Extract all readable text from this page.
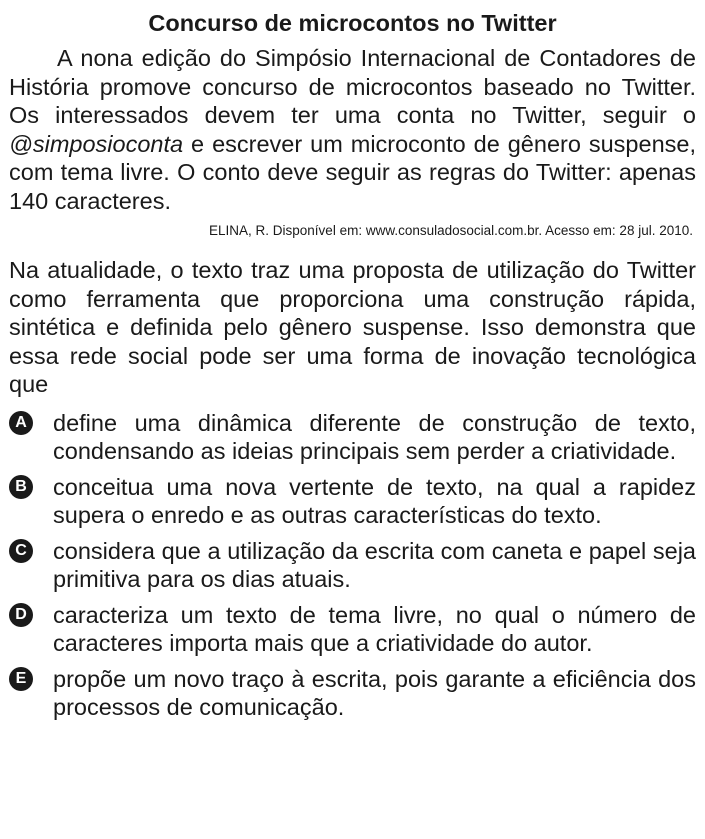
Concurso de microcontos no Twitter

A nona edição do Simpósio Internacional de Contadores de História promove concurso de microcontos baseado no Twitter. Os interessados devem ter uma conta no Twitter, seguir o @simposioconta e escrever um microconto de gênero suspense, com tema livre. O conto deve seguir as regras do Twitter: apenas 140 caracteres.

ELINA, R. Disponível em: www.consuladosocial.com.br. Acesso em: 28 jul. 2010.

Na atualidade, o texto traz uma proposta de utilização do Twitter como ferramenta que proporciona uma construção rápida, sintética e definida pelo gênero suspense. Isso demonstra que essa rede social pode ser uma forma de inovação tecnológica que

A define uma dinâmica diferente de construção de texto, condensando as ideias principais sem perder a criatividade.
B conceitua uma nova vertente de texto, na qual a rapidez supera o enredo e as outras características do texto.
C considera que a utilização da escrita com caneta e papel seja primitiva para os dias atuais.
D caracteriza um texto de tema livre, no qual o número de caracteres importa mais que a criatividade do autor.
E propõe um novo traço à escrita, pois garante a eficiência dos processos de comunicação.
